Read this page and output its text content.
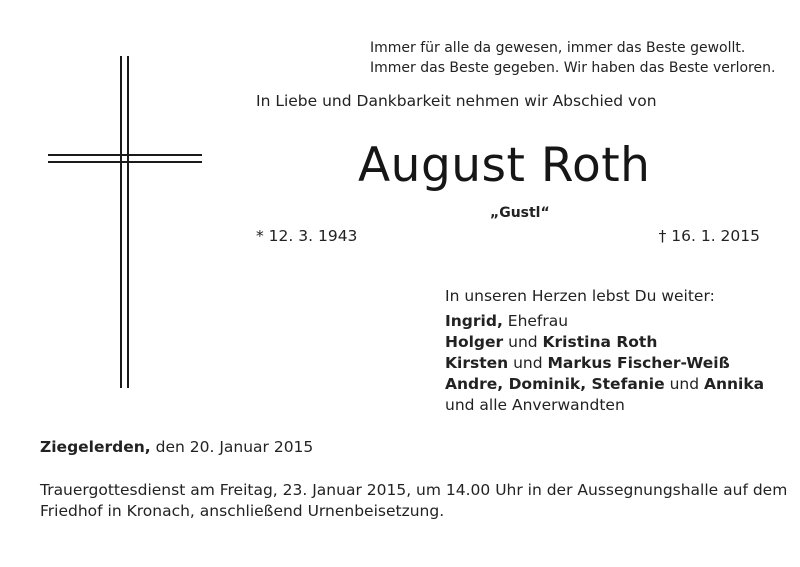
Immer für alle da gewesen, immer das Beste gewollt.
Immer das Beste gegeben. Wir haben das Beste verloren.
In Liebe und Dankbarkeit nehmen wir Abschied von
August Roth
„Gustl“
* 12. 3. 1943	† 16. 1. 2015
In unseren Herzen lebst Du weiter:
Ingrid, Ehefrau
Holger und Kristina Roth
Kirsten und Markus Fischer-Weiß
Andre, Dominik, Stefanie und Annika
und alle Anverwandten
Ziegelerden, den 20. Januar 2015
Trauergottesdienst am Freitag, 23. Januar 2015, um 14.00 Uhr in der Aussegnungshalle auf dem
Friedhof in Kronach, anschließend Urnenbeisetzung.
